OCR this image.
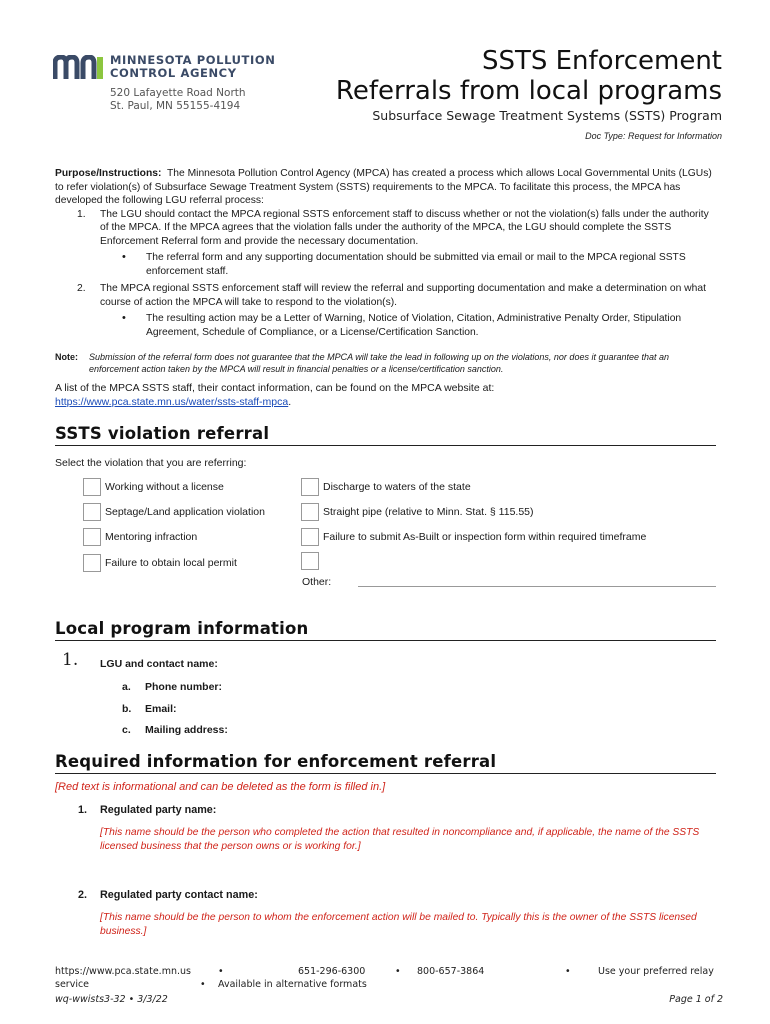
MINNESOTA POLLUTION
CONTROL AGENCY
520 Lafayette Road North
St. Paul, MN 55155-4194
SSTS Enforcement
Referrals from local programs
Subsurface Sewage Treatment Systems (SSTS) Program
Doc Type: Request for Information
Purpose/Instructions: The Minnesota Pollution Control Agency (MPCA) has created a process which allows Local Governmental Units (LGUs) to refer violation(s) of Subsurface Sewage Treatment System (SSTS) requirements to the MPCA. To facilitate this process, the MPCA has developed the following LGU referral process:
1. The LGU should contact the MPCA regional SSTS enforcement staff to discuss whether or not the violation(s) falls under the authority of the MPCA. If the MPCA agrees that the violation falls under the authority of the MPCA, the LGU should complete the SSTS Enforcement Referral form and provide the necessary documentation.
• The referral form and any supporting documentation should be submitted via email or mail to the MPCA regional SSTS enforcement staff.
2. The MPCA regional SSTS enforcement staff will review the referral and supporting documentation and make a determination on what course of action the MPCA will take to respond to the violation(s).
• The resulting action may be a Letter of Warning, Notice of Violation, Citation, Administrative Penalty Order, Stipulation Agreement, Schedule of Compliance, or a License/Certification Sanction.
Note:	Submission of the referral form does not guarantee that the MPCA will take the lead in following up on the violations, nor does it guarantee that an enforcement action taken by the MPCA will result in financial penalties or a license/certification sanction.
A list of the MPCA SSTS staff, their contact information, can be found on the MPCA website at:
https://www.pca.state.mn.us/water/ssts-staff-mpca.
SSTS violation referral
Select the violation that you are referring:
Working without a license
Septage/Land application violation
Mentoring infraction
Failure to obtain local permit
Discharge to waters of the state
Straight pipe (relative to Minn. Stat. § 115.55)
Failure to submit As-Built or inspection form within required timeframe
Other:
Local program information
1. LGU and contact name:
a.	Phone number:
b.	Email:
c.	Mailing address:
Required information for enforcement referral
[Red text is informational and can be deleted as the form is filled in.]
1. Regulated party name:
[This name should be the person who completed the action that resulted in noncompliance and, if applicable, the name of the SSTS licensed business that the person owns or is working for.]
2. Regulated party contact name:
[This name should be the person to whom the enforcement action will be mailed to. Typically this is the owner of the SSTS licensed business.]
https://www.pca.state.mn.us	•	651-296-6300	• 800-657-3864	•	Use your preferred relay
service	• Available in alternative formats
wq-wwists3-32 • 3/3/22	Page 1 of 2
